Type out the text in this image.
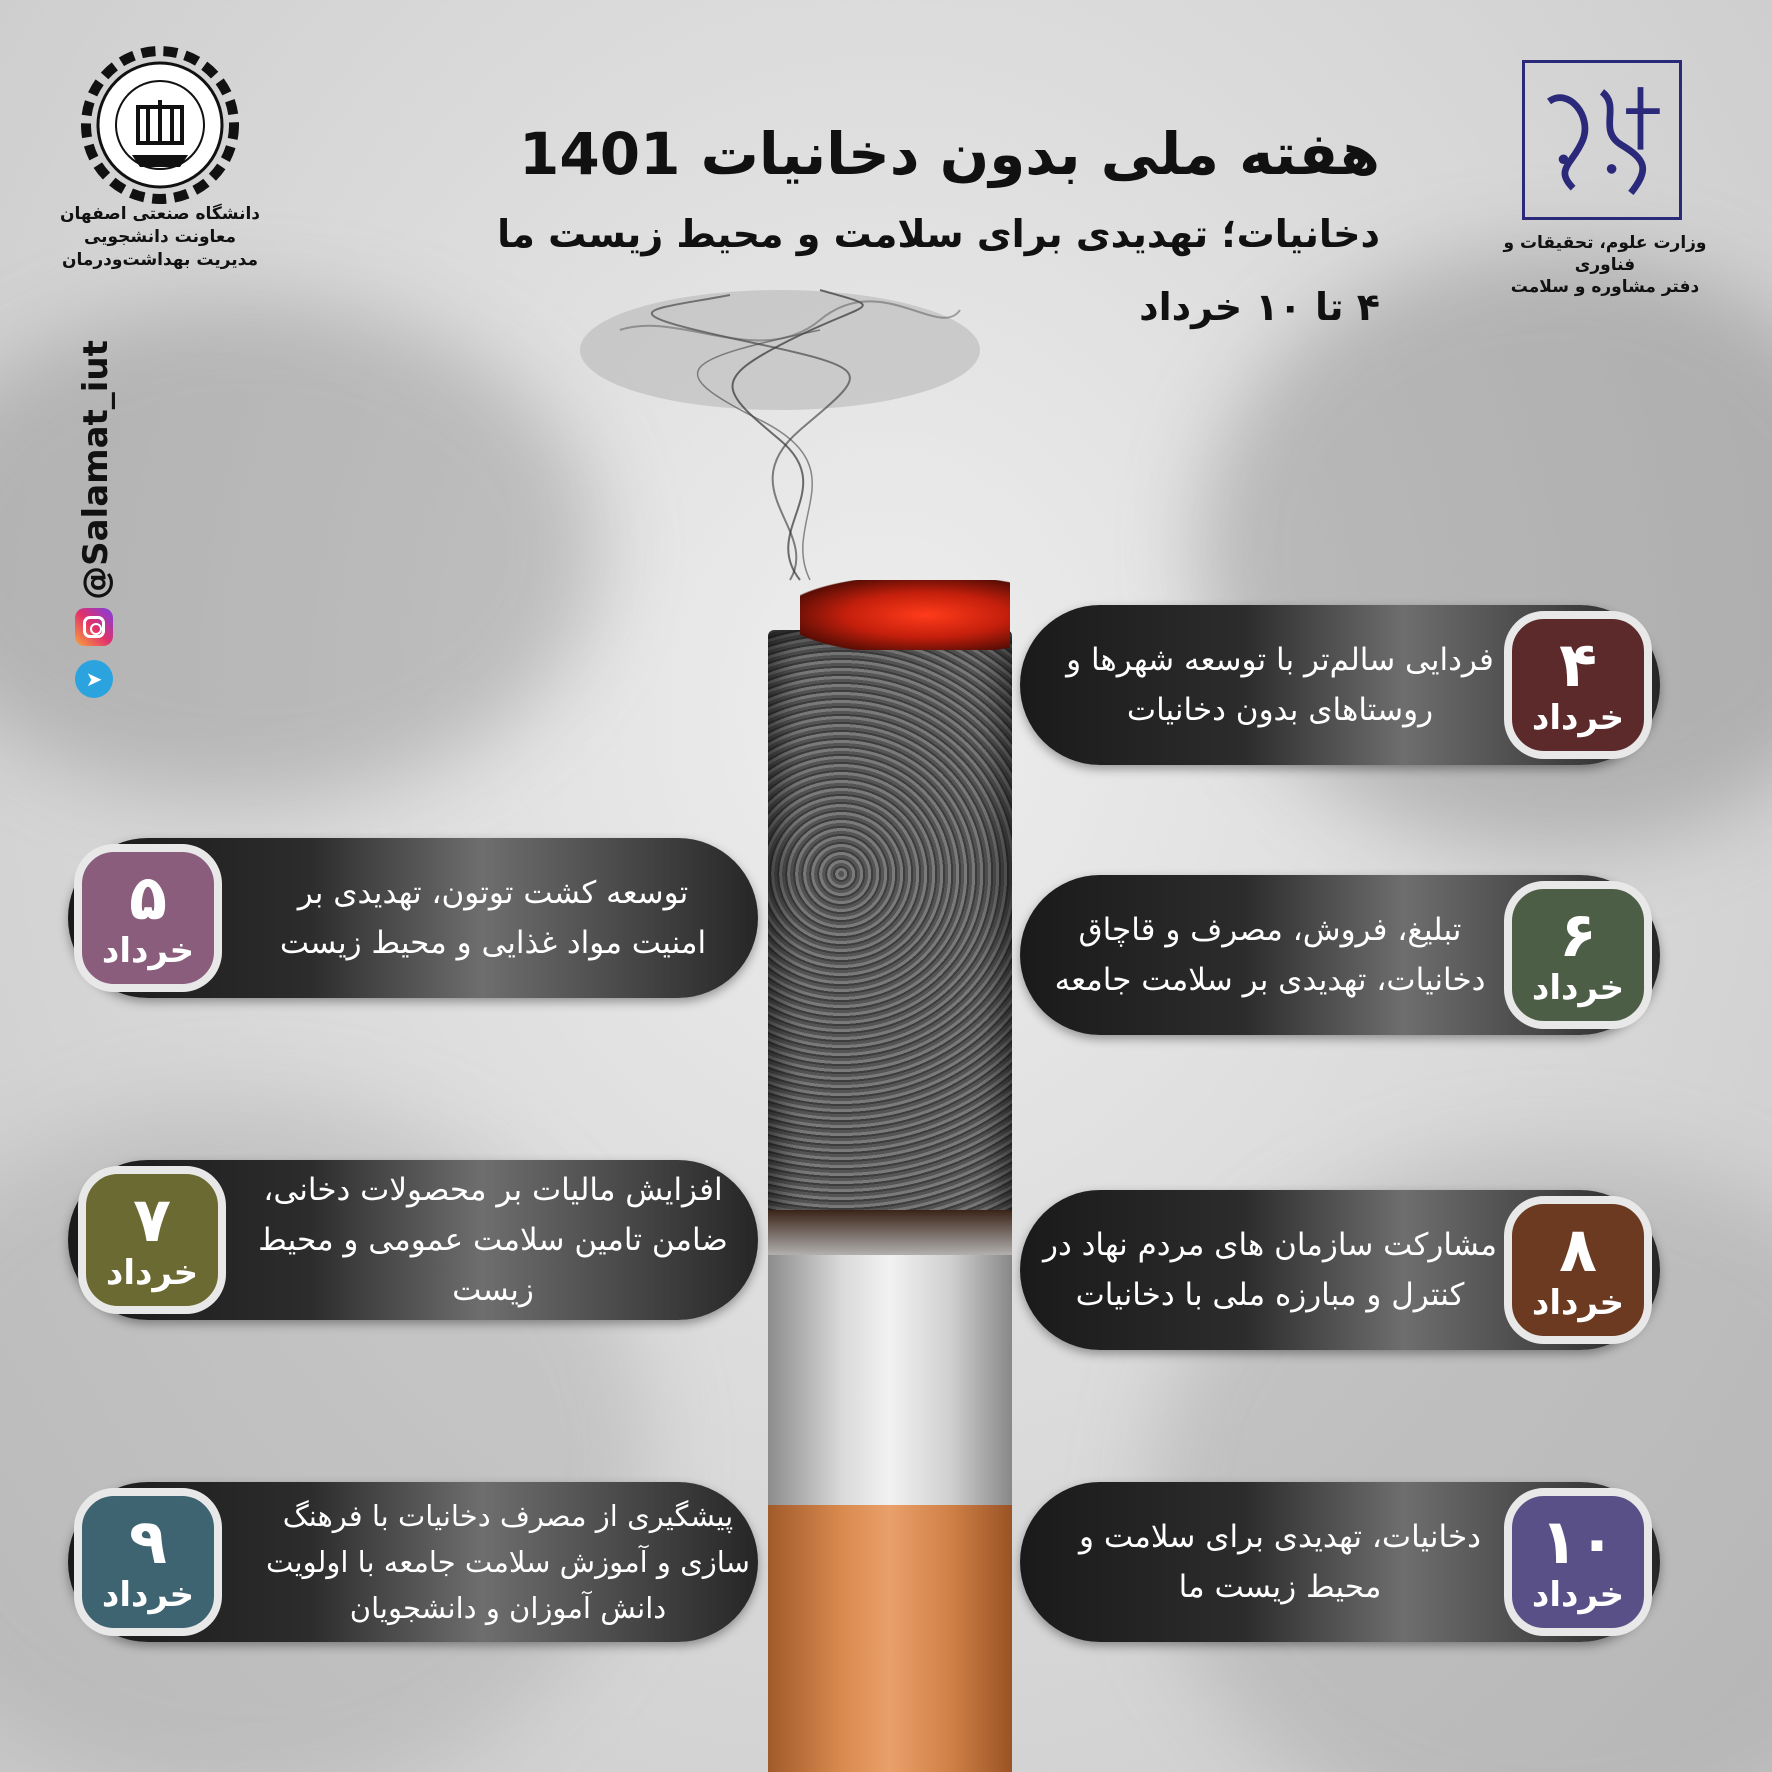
دانشگاه صنعتی اصفهان
معاونت دانشجویی
مدیریت بهداشت‌ودرمان
وزارت علوم، تحقیقات و فناوری
دفتر مشاوره و سلامت
@Salamat_iut
➤
هفته ملی بدون دخانیات 1401
دخانیات؛ تهدیدی برای سلامت و محیط زیست ما
۴ تا ۱۰ خرداد
فردایی سالم‌تر با توسعه شهرها و روستاهای بدون دخانیات
۴
خرداد
تبلیغ، فروش، مصرف و قاچاق دخانیات، تهدیدی بر سلامت جامعه
۶
خرداد
مشارکت سازمان های مردم نهاد در کنترل و مبارزه ملی با دخانیات
۸
خرداد
دخانیات، تهدیدی برای سلامت و محیط زیست ما
۱۰
خرداد
توسعه کشت توتون، تهدیدی بر امنیت مواد غذایی و محیط زیست
۵
خرداد
افزایش مالیات بر محصولات دخانی، ضامن تامین سلامت عمومی و محیط زیست
۷
خرداد
پیشگیری از مصرف دخانیات با فرهنگ سازی و آموزش سلامت جامعه با اولویت دانش آموزان و دانشجویان
۹
خرداد
